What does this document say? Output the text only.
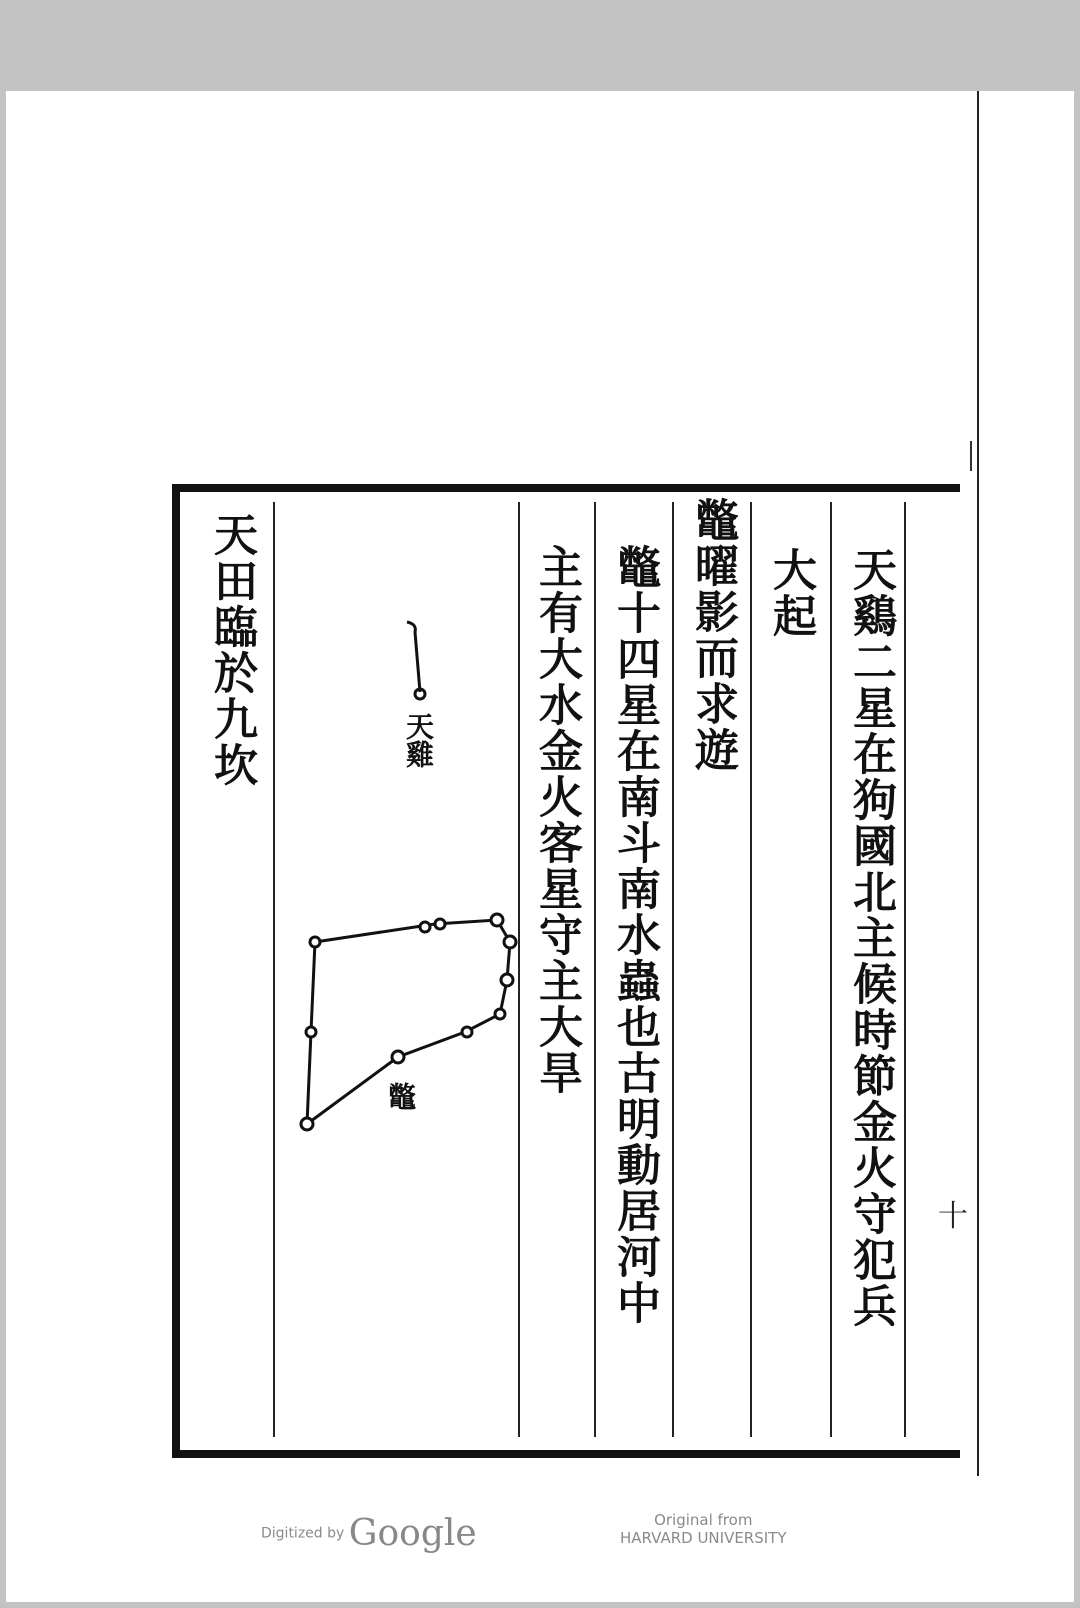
十
天鷄二星在狗國北主候時節金火守犯兵
大起
鼈曜影而求遊
鼈十四星在南斗南水蟲也古明動居河中
主有大水金火客星守主大旱
天田臨於九坎	天雞
鼈
Digitized by Google	Original from
HARVARD UNIVERSITY
